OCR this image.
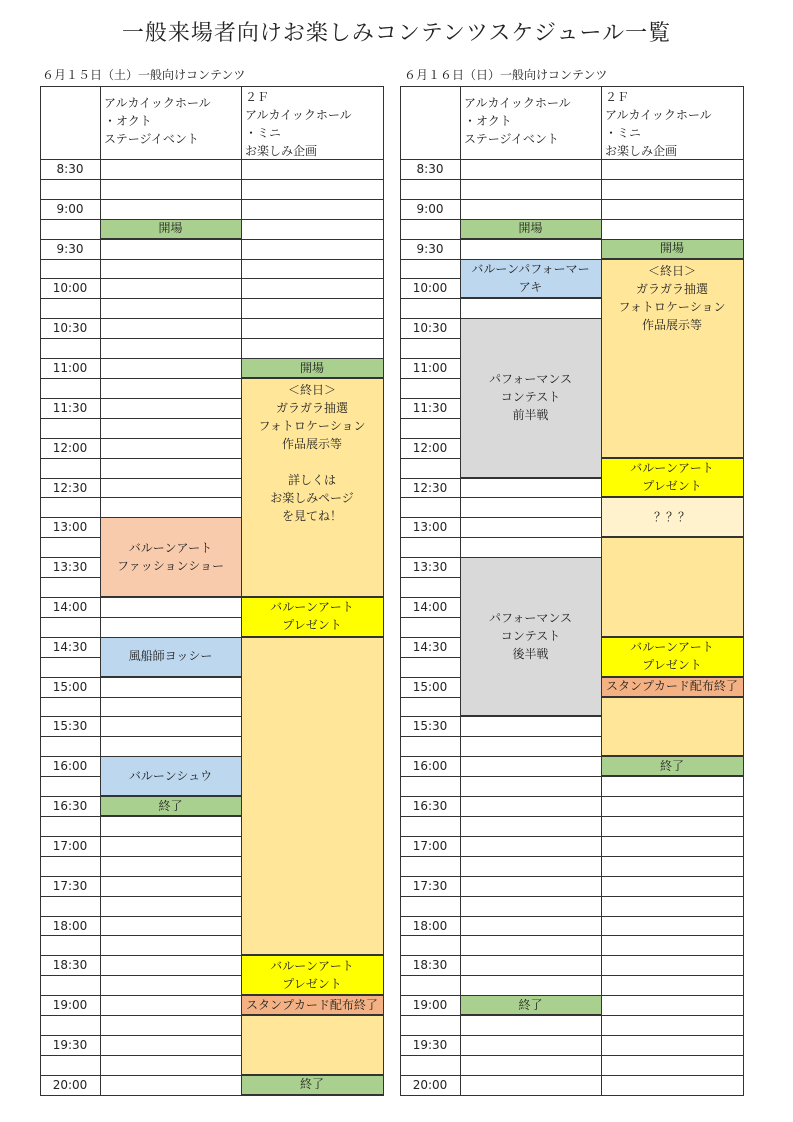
一般来場者向けお楽しみコンテンツスケジュール一覧
６月１５日（土）一般向けコンテンツ	６月１６日（日）一般向けコンテンツ
アルカイックホール
・オクト
ステージイベント
２Ｆ
アルカイックホール
・ミニ
お楽しみ企画
8:30
9:00
9:30
10:00
10:30
11:00
11:30
12:00
12:30
13:00
13:30
14:00
14:30
15:00
15:30
16:00
16:30
17:00
17:30
18:00
18:30
19:00
19:30
20:00
開場
バルーンアート
ファッションショー
風船師ヨッシー
バルーンシュウ
終了
開場
＜終日＞
ガラガラ抽選
フォトロケーション
作品展示等

詳しくは
お楽しみページ
を見てね！
バルーンアート
プレゼント
バルーンアート
プレゼント
スタンプカード配布終了
終了
アルカイックホール
・オクト
ステージイベント
２Ｆ
アルカイックホール
・ミニ
お楽しみ企画
8:30
9:00
9:30
10:00
10:30
11:00
11:30
12:00
12:30
13:00
13:30
14:00
14:30
15:00
15:30
16:00
16:30
17:00
17:30
18:00
18:30
19:00
19:30
20:00
開場
バルーンパフォーマー
アキ
パフォーマンス
コンテスト
前半戦
パフォーマンス
コンテスト
後半戦
終了
開場
＜終日＞
ガラガラ抽選
フォトロケーション
作品展示等
バルーンアート
プレゼント
？？？
バルーンアート
プレゼント
スタンプカード配布終了
終了
